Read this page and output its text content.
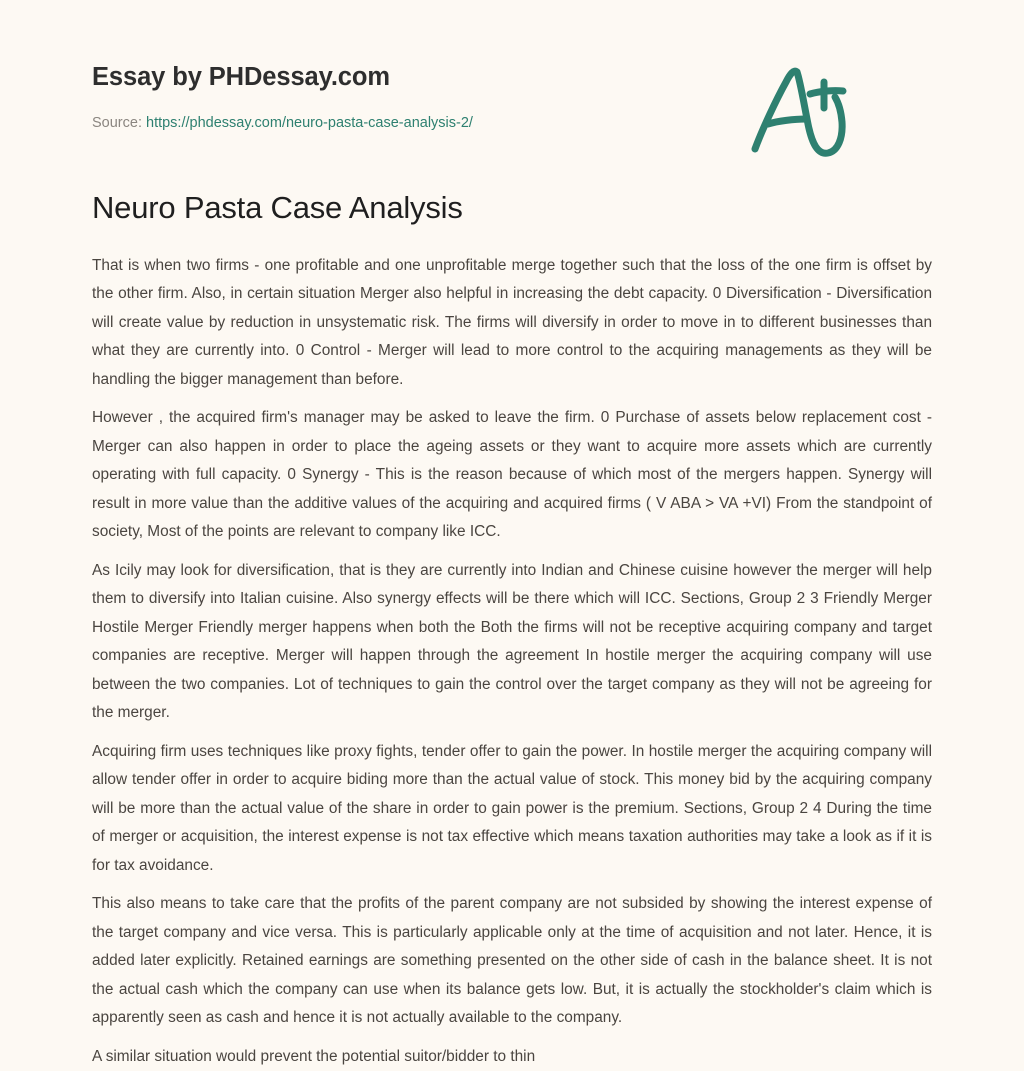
Essay by PHDessay.com
Source: https://phdessay.com/neuro-pasta-case-analysis-2/
Neuro Pasta Case Analysis

That is when two firms - one profitable and one unprofitable merge together such that the loss of the one firm is offset by the other firm. Also, in certain situation Merger also helpful in increasing the debt capacity. 0 Diversification - Diversification will create value by reduction in unsystematic risk. The firms will diversify in order to move in to different businesses than what they are currently into. 0 Control - Merger will lead to more control to the acquiring managements as they will be handling the bigger management than before.

However , the acquired firm's manager may be asked to leave the firm. 0 Purchase of assets below replacement cost - Merger can also happen in order to place the ageing assets or they want to acquire more assets which are currently operating with full capacity. 0 Synergy - This is the reason because of which most of the mergers happen. Synergy will result in more value than the additive values of the acquiring and acquired firms ( V ABA > VA +VI) From the standpoint of society, Most of the points are relevant to company like ICC.

As Icily may look for diversification, that is they are currently into Indian and Chinese cuisine however the merger will help them to diversify into Italian cuisine. Also synergy effects will be there which will ICC. Sections, Group 2 3 Friendly Merger Hostile Merger Friendly merger happens when both the Both the firms will not be receptive acquiring company and target companies are receptive. Merger will happen through the agreement In hostile merger the acquiring company will use between the two companies. Lot of techniques to gain the control over the target company as they will not be agreeing for the merger.

Acquiring firm uses techniques like proxy fights, tender offer to gain the power. In hostile merger the acquiring company will allow tender offer in order to acquire biding more than the actual value of stock. This money bid by the acquiring company will be more than the actual value of the share in order to gain power is the premium. Sections, Group 2 4 During the time of merger or acquisition, the interest expense is not tax effective which means taxation authorities may take a look as if it is for tax avoidance.

This also means to take care that the profits of the parent company are not subsided by showing the interest expense of the target company and vice versa. This is particularly applicable only at the time of acquisition and not later. Hence, it is added later explicitly. Retained earnings are something presented on the other side of cash in the balance sheet. It is not the actual cash which the company can use when its balance gets low. But, it is actually the stockholder's claim which is apparently seen as cash and hence it is not actually available to the company.

A similar situation would prevent the potential suitor/bidder to thin
